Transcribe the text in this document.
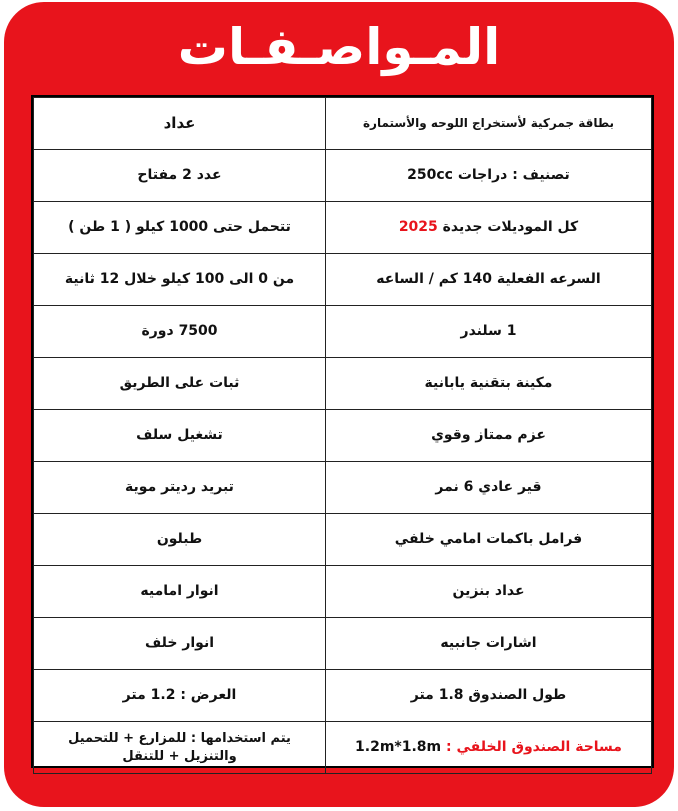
المـواصـفـات
بطاقة جمركية لأستخراج اللوحه والأستمارة	عداد
تصنيف : دراجات 250cc	عدد 2 مفتاح
كل الموديلات جديدة 2025	تتحمل حتى 1000 كيلو ( 1 طن )
السرعه الفعلية 140 كم / الساعه	من 0 الى 100 كيلو خلال 12 ثانية
1 سلندر	7500 دورة
مكينة بتقنية يابانية	ثبات على الطريق
عزم ممتاز وقوي	تشغيل سلف
قير عادي 6 نمر	تبريد رديتر موية
فرامل باكمات امامي خلفي	طبلون
عداد بنزين	انوار اماميه
اشارات جانبيه	انوار خلف
طول الصندوق 1.8 متر	العرض : 1.2 متر
مساحة الصندوق الخلفي : 1.2m*1.8m	يتم استخدامها : للمزارع + للتحميل والتنزيل + للتنقل
